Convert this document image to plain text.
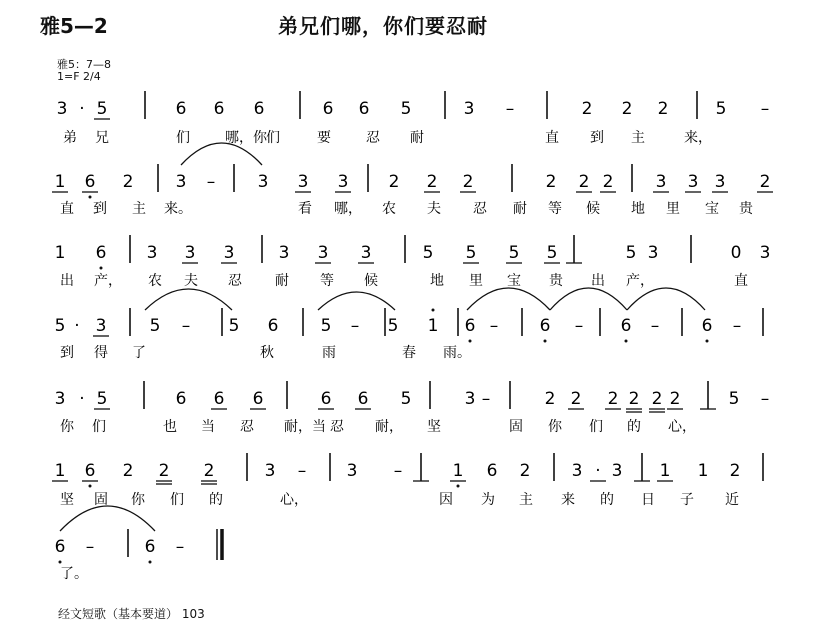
雅5—2	弟兄们哪，你们要忍耐
雅5：7—8
1=F 2/4
3 · 5	6 6 6	6 6 5	3 –	2 2 2	5 –
弟 兄	们	哪，你 们	要	忍 耐	直 到 主	来，
1 6 2 3 – 3 3 3 2 2 2	2 2 2 3 3 3 2
直 到 主 来。	看 哪， 农 夫 忍 耐 等 候 地 里 宝 贵
1 6 3 3 3	3 3 3	5 5 5 5	5 3	0 3
出 产， 农 夫 忍 耐 等 候	地 里 宝 贵 出 产，	直
5 · 3	5 – 5 6 5 – 5 1 6 – 6 – 6 – 6 –
到 得 了	秋	雨	春 雨。
3 · 5	6 6 6	6 6 5	3 –	2 2 2 2 2 2	5 –
你 们	也 当 忍 耐，当 忍 耐， 坚	固 你 们 的 心，
1 6 2 2 2	3 – 3 –	1 6 2 3 · 3 1 1 2
坚 固 你 们 的	心，	因 为 主 来 的 日 子 近
6 –	6 –
了。
经文短歌（基本要道） 103
